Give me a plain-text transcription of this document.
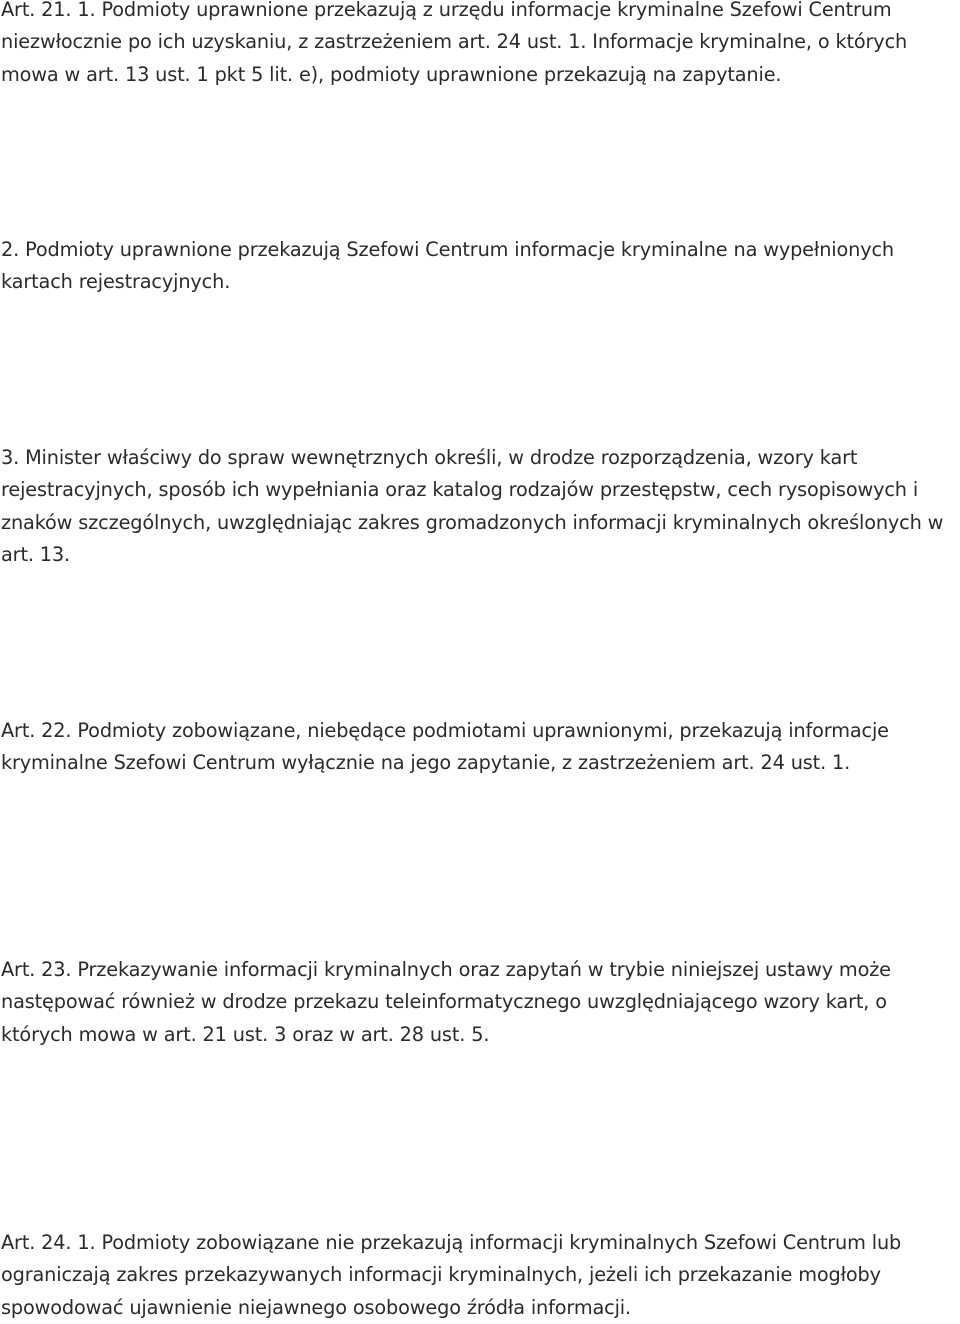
Art. 21. 1. Podmioty uprawnione przekazują z urzędu informacje kryminalne Szefowi Centrum niezwłocznie po ich uzyskaniu, z zastrzeżeniem art. 24 ust. 1. Informacje kryminalne, o których mowa w art. 13 ust. 1 pkt 5 lit. e), podmioty uprawnione przekazują na zapytanie.

2. Podmioty uprawnione przekazują Szefowi Centrum informacje kryminalne na wypełnionych kartach rejestracyjnych.

3. Minister właściwy do spraw wewnętrznych określi, w drodze rozporządzenia, wzory kart rejestracyjnych, sposób ich wypełniania oraz katalog rodzajów przestępstw, cech rysopisowych i znaków szczególnych, uwzględniając zakres gromadzonych informacji kryminalnych określonych w art. 13.

Art. 22. Podmioty zobowiązane, niebędące podmiotami uprawnionymi, przekazują informacje kryminalne Szefowi Centrum wyłącznie na jego zapytanie, z zastrzeżeniem art. 24 ust. 1.

Art. 23. Przekazywanie informacji kryminalnych oraz zapytań w trybie niniejszej ustawy może następować również w drodze przekazu teleinformatycznego uwzględniającego wzory kart, o których mowa w art. 21 ust. 3 oraz w art. 28 ust. 5.

Art. 24. 1. Podmioty zobowiązane nie przekazują informacji kryminalnych Szefowi Centrum lub ograniczają zakres przekazywanych informacji kryminalnych, jeżeli ich przekazanie mogłoby spowodować ujawnienie niejawnego osobowego źródła informacji.
